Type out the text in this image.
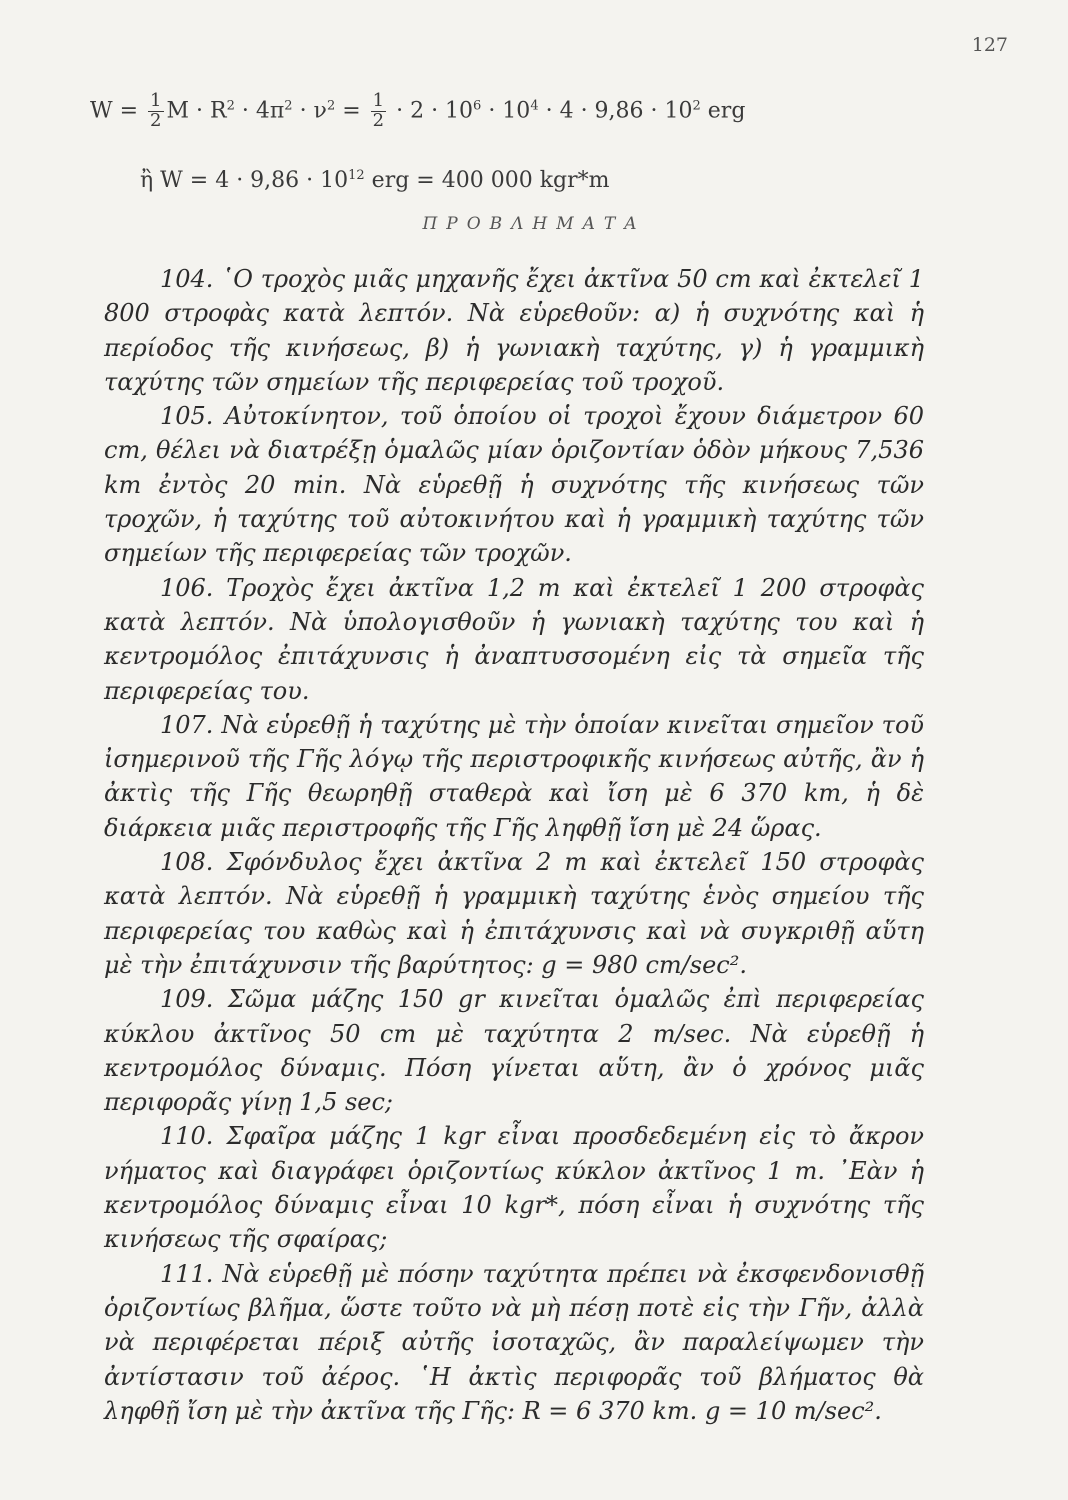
127
$W = \frac{1}{2}$ $M \cdot R^2 \cdot 4\pi^2 \cdot \nu^2 = \frac{1}{2} \cdot 2 \cdot 10^6 \cdot 10^4 \cdot 4 \cdot 9,86 \cdot 10^2$ erg
ἢ $W = 4 \cdot 9,86 \cdot 10^{12}$ erg = 400 000 kgr*m
ΠΡΟΒΛΗΜΑΤΑ

104. ῾Ο τροχὸς μιᾶς μηχανῆς ἔχει ἀκτῖνα 50 cm καὶ ἐκτελεῖ 1 800 στροφὰς κατὰ λεπτόν. Νὰ εὑρεθοῦν: α) ἡ συχνότης καὶ ἡ περίοδος τῆς κινήσεως, β) ἡ γωνιακὴ ταχύτης, γ) ἡ γραμμικὴ ταχύτης τῶν σημείων τῆς περιφερείας τοῦ τροχοῦ.

105. Αὐτοκίνητον, τοῦ ὁποίου οἱ τροχοὶ ἔχουν διάμετρον 60 cm, θέλει νὰ διατρέξῃ ὁμαλῶς μίαν ὁριζοντίαν ὁδὸν μήκους 7,536 km ἐντὸς 20 min. Νὰ εὑρεθῇ ἡ συχνότης τῆς κινήσεως τῶν τροχῶν, ἡ ταχύτης τοῦ αὐτοκινήτου καὶ ἡ γραμμικὴ ταχύτης τῶν σημείων τῆς περιφερείας τῶν τροχῶν.

106. Τροχὸς ἔχει ἀκτῖνα 1,2 m καὶ ἐκτελεῖ 1 200 στροφὰς κατὰ λεπτόν. Νὰ ὑπολογισθοῦν ἡ γωνιακὴ ταχύτης του καὶ ἡ κεντρομόλος ἐπιτάχυνσις ἡ ἀναπτυσσομένη εἰς τὰ σημεῖα τῆς περιφερείας του.

107. Νὰ εὑρεθῇ ἡ ταχύτης μὲ τὴν ὁποίαν κινεῖται σημεῖον τοῦ ἰσημερινοῦ τῆς Γῆς λόγῳ τῆς περιστροφικῆς κινήσεως αὐτῆς, ἂν ἡ ἀκτὶς τῆς Γῆς θεωρηθῇ σταθερὰ καὶ ἴση μὲ 6 370 km, ἡ δὲ διάρκεια μιᾶς περιστροφῆς τῆς Γῆς ληφθῇ ἴση μὲ 24 ὥρας.

108. Σφόνδυλος ἔχει ἀκτῖνα 2 m καὶ ἐκτελεῖ 150 στροφὰς κατὰ λεπτόν. Νὰ εὑρεθῇ ἡ γραμμικὴ ταχύτης ἑνὸς σημείου τῆς περιφερείας του καθὼς καὶ ἡ ἐπιτάχυνσις καὶ νὰ συγκριθῇ αὕτη μὲ τὴν ἐπιτάχυνσιν τῆς βαρύτητος: g = 980 cm/sec².

109. Σῶμα μάζης 150 gr κινεῖται ὁμαλῶς ἐπὶ περιφερείας κύκλου ἀκτῖνος 50 cm μὲ ταχύτητα 2 m/sec. Νὰ εὑρεθῇ ἡ κεντρομόλος δύναμις. Πόση γίνεται αὕτη, ἂν ὁ χρόνος μιᾶς περιφορᾶς γίνῃ 1,5 sec;

110. Σφαῖρα μάζης 1 kgr εἶναι προσδεδεμένη εἰς τὸ ἄκρον νήματος καὶ διαγράφει ὁριζοντίως κύκλον ἀκτῖνος 1 m. ᾿Εὰν ἡ κεντρομόλος δύναμις εἶναι 10 kgr*, πόση εἶναι ἡ συχνότης τῆς κινήσεως τῆς σφαίρας;

111. Νὰ εὑρεθῇ μὲ πόσην ταχύτητα πρέπει νὰ ἐκσφενδονισθῇ ὁριζοντίως βλῆμα, ὥστε τοῦτο νὰ μὴ πέσῃ ποτὲ εἰς τὴν Γῆν, ἀλλὰ νὰ περιφέρεται πέριξ αὐτῆς ἰσοταχῶς, ἂν παραλείψωμεν τὴν ἀντίστασιν τοῦ ἀέρος. ῾Η ἀκτὶς περιφορᾶς τοῦ βλήματος θὰ ληφθῇ ἴση μὲ τὴν ἀκτῖνα τῆς Γῆς: R = 6 370 km. g = 10 m/sec².
